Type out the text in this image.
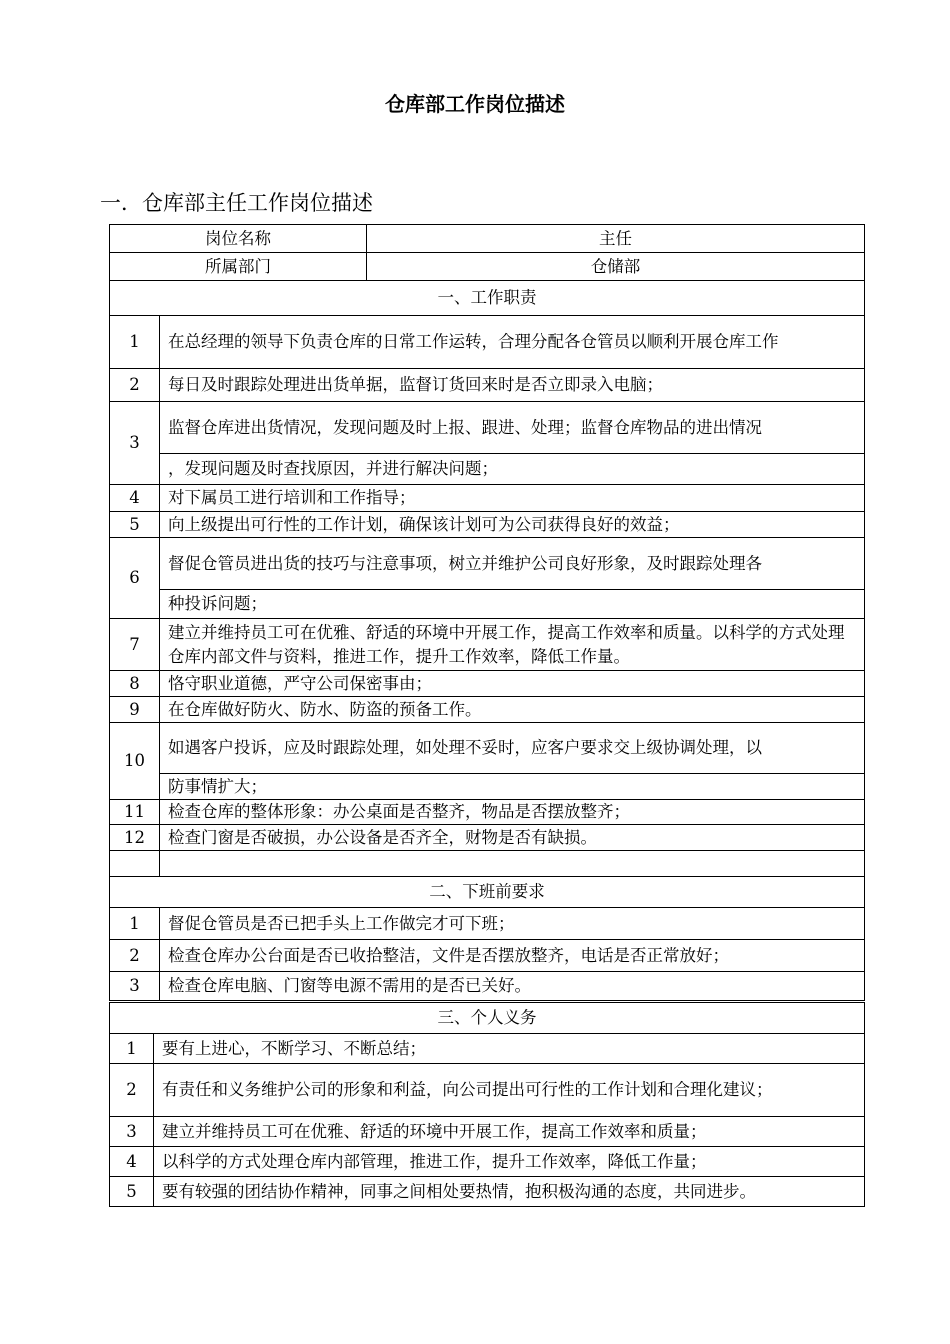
仓库部工作岗位描述
一．仓库部主任工作岗位描述
岗位名称		主任
所属部门		仓储部
一、工作职责		
1	在总经理的领导下负责仓库的日常工作运转，合理分配各仓管员以顺利开展仓库工作	
2	每日及时跟踪处理进出货单据，监督订货回来时是否立即录入电脑；	
3	监督仓库进出货情况，发现问题及时上报、跟进、处理；监督仓库物品的进出情况	
	，发现问题及时查找原因，并进行解决问题；	
4	对下属员工进行培训和工作指导；	
5	向上级提出可行性的工作计划，确保该计划可为公司获得良好的效益；	
6	督促仓管员进出货的技巧与注意事项，树立并维护公司良好形象，及时跟踪处理各	
	种投诉问题；	
7	建立并维持员工可在优雅、舒适的环境中开展工作，提高工作效率和质量。以科学的方式处理仓库内部文件与资料，推进工作，提升工作效率，降低工作量。	
8	恪守职业道德，严守公司保密事由；	
9	在仓库做好防火、防水、防盗的预备工作。	
10	如遇客户投诉，应及时跟踪处理，如处理不妥时，应客户要求交上级协调处理，以	
	防事情扩大；	
11	检查仓库的整体形象：办公桌面是否整齐，物品是否摆放整齐；	
12	检查门窗是否破损，办公设备是否齐全，财物是否有缺损。	

二、下班前要求		
1	督促仓管员是否已把手头上工作做完才可下班；	
2	检查仓库办公台面是否已收拾整洁，文件是否摆放整齐，电话是否正常放好；	
3	检查仓库电脑、门窗等电源不需用的是否已关好。	
三、个人义务	
1	要有上进心，不断学习、不断总结；
2	有责任和义务维护公司的形象和利益，向公司提出可行性的工作计划和合理化建议；
3	建立并维持员工可在优雅、舒适的环境中开展工作，提高工作效率和质量；
4	以科学的方式处理仓库内部管理，推进工作，提升工作效率，降低工作量；
5	要有较强的团结协作精神，同事之间相处要热情，抱积极沟通的态度，共同进步。
